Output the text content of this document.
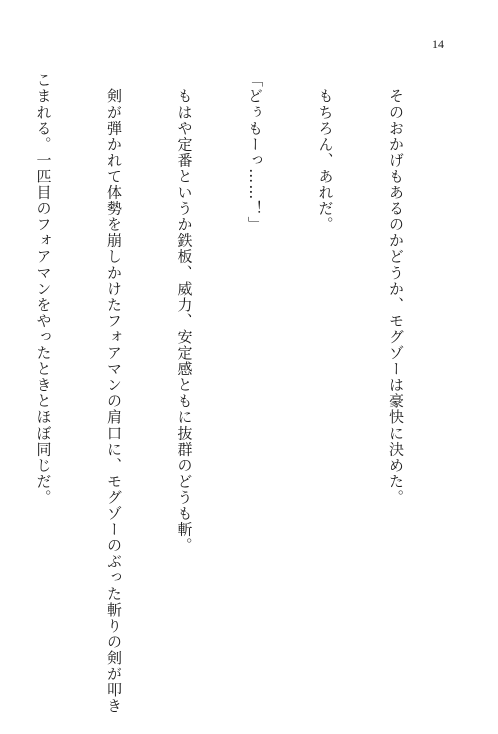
14

　そのおかげもあるのかどうか、モグゾーは豪快に決めた。

　もちろん、あれだ。

「どぅもーっ……！」

　もはや定番というか鉄板、威力、安定感ともに抜群のどうも斬。

　剣が弾かれて体勢を崩しかけたフォアマンの肩口に、モグゾーのぶった斬りの剣が叩き

こまれる。一匹目のフォアマンをやったときとほぼ同じだ。
